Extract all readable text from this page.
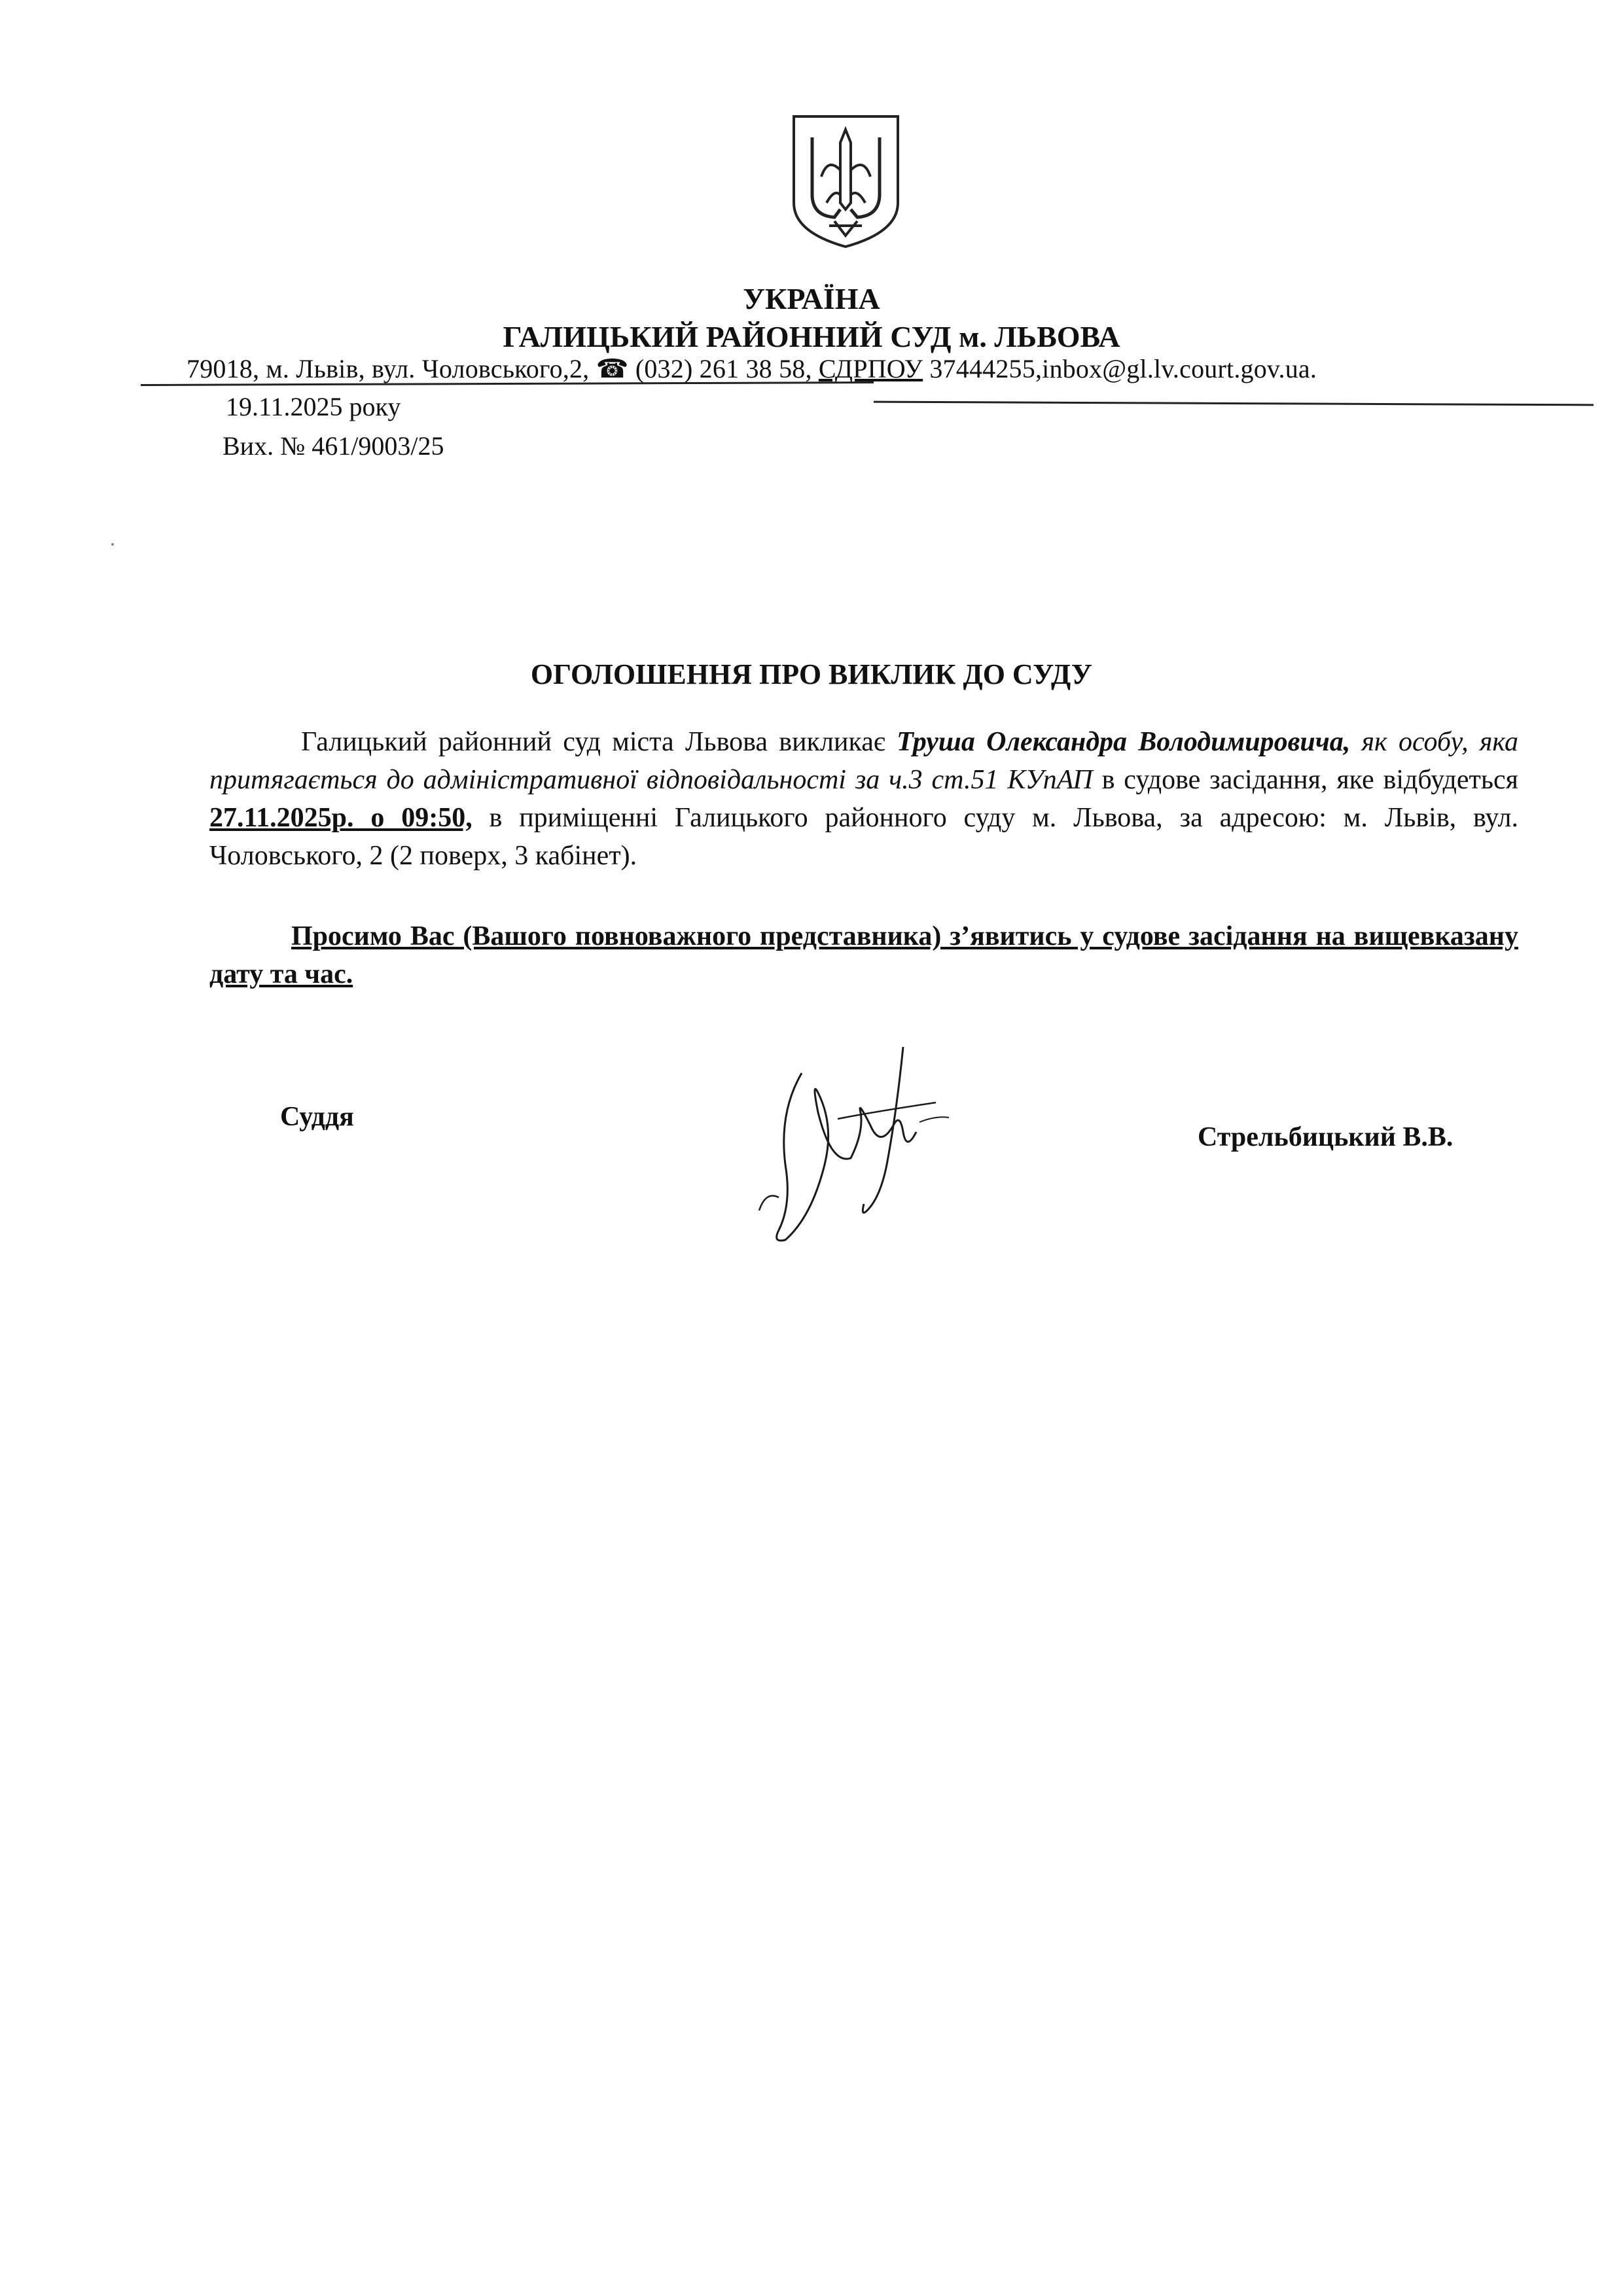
УКРАЇНА
ГАЛИЦЬКИЙ РАЙОННИЙ СУД м. ЛЬВОВА
79018, м. Львів, вул. Чоловського,2, ☎ (032) 261 38 58, СДРПОУ 37444255,inbox@gl.lv.court.gov.ua.
19.11.2025 року
Вих. № 461/9003/25
ОГОЛОШЕННЯ ПРО ВИКЛИК ДО СУДУ
Галицький районний суд міста Львова викликає Труша Олександра Володимировича, як особу, яка притягається до адміністративної відповідальності за ч.3 ст.51 КУпАП в судове засідання, яке відбудеться 27.11.2025р. о 09:50, в приміщенні Галицького районного суду м. Львова, за адресою: м. Львів, вул. Чоловського, 2 (2 поверх, 3 кабінет).
Просимо Вас (Вашого повноважного представника) з’явитись у судове засідання на вищевказану дату та час.
Суддя
Стрельбицький В.В.
